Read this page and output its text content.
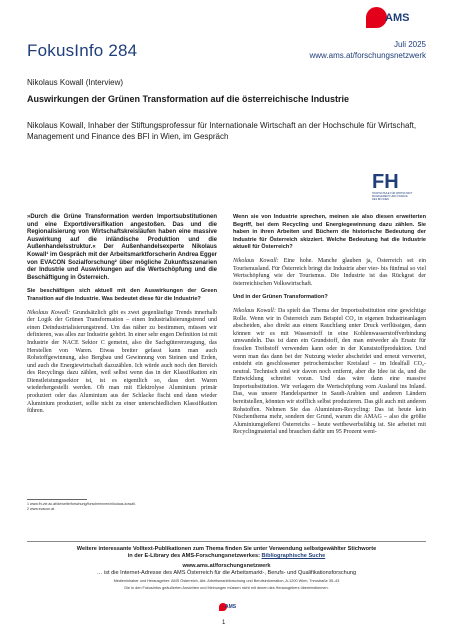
AMS
FokusInfo 284	Juli 2025
www.ams.at/forschungsnetzwerk
Nikolaus Kowall (Interview)
Auswirkungen der Grünen Transformation auf die österreichische Industrie
Nikolaus Kowall, Inhaber der Stiftungsprofessur für Internationale Wirtschaft an der Hochschule für Wirtschaft, Management und Finance des BFI in Wien, im Gespräch
FH
HOCHSCHULE FÜR WIRTSCHAFT
MANAGEMENT UND FINANCE
DES BFI WIEN

»Durch die Grüne Transformation werden Importsubstitutionen und eine Exportdiversifikation angestoßen. Das und die Regionalisierung von Wirtschaftskreisläufen haben eine massive Auswirkung auf die inländische Produktion und die Außenhandelsstruktur.« Der Außenhandelsexperte Nikolaus Kowall¹ im Gespräch mit der Arbeitsmarktforscherin Andrea Egger von EVACON Sozialforschung² über mögliche Zukunftsszenarien der Industrie und Auswirkungen auf die Wertschöpfung und die Beschäftigung in Österreich.

Sie beschäftigen sich aktuell mit den Auswirkungen der Green Transition auf die Industrie. Was bedeutet diese für die Industrie?

Nikolaus Kowall: Grundsätzlich gibt es zwei gegenläufige Trends innerhalb der Logik der Grünen Transformation – einen Industrialisierungstrend und einen Deindustrialisierungstrend. Um das näher zu bestimmen, müssen wir definieren, was alles zur Industrie gehört. In einer sehr engen Definition ist mit Industrie der NACE Sektor C gemeint, also die Sachgütererzeugung, das Herstellen von Waren. Etwas breiter gefasst kann man auch Rohstoffgewinnung, also Bergbau und Gewinnung von Steinen und Erden, und auch die Energiewirtschaft dazuzählen. Ich würde auch noch den Bereich des Recyclings dazu zählen, weil selbst wenn das in der Klassifikation ein Dienstleistungssektor ist, ist es eigentlich so, dass dort Waren wiederhergestellt werden. Ob man mit Elektrolyse Aluminium primär produziert oder das Aluminium aus der Schlacke fischt und dann wieder Aluminium produziert, sollte nicht zu einer unterschiedlichen Klassifikation führen.

Wenn sie von Industrie sprechen, meinen sie also diesen erweiterten Begriff, bei dem Recycling und Energiegewinnung dazu zählen. Sie haben in ihren Arbeiten und Büchern die historische Bedeutung der Industrie für Österreich skizziert. Welche Bedeutung hat die Industrie aktuell für Österreich?

Nikolaus Kowall: Eine hohe. Manche glauben ja, Österreich sei ein Tourismusland. Für Österreich bringt die Industrie aber vier- bis fünfmal so viel Wertschöpfung wie der Tourismus. Die Industrie ist das Rückgrat der österreichischen Volkswirtschaft.

Und in der Grünen Transformation?

Nikolaus Kowall: Da spielt das Thema der Importsubstitution eine gewichtige Rolle. Wenn wir in Österreich zum Beispiel CO₂ in eigenen Industrieanlagen abscheiden, also direkt aus einem Rauchfang unter Druck verflüssigen, dann können wir es mit Wasserstoff in eine Kohlenwasserstoffverbindung umwandeln. Das ist dann ein Grundstoff, den man entweder als Ersatz für fossilen Treibstoff verwenden kann oder in der Kunststoffproduktion. Und wenn man das dann bei der Nutzung wieder abscheidet und erneut verwertet, entsteht ein geschlossener petrochemischer Kreislauf – im Idealfall CO₂-neutral. Technisch sind wir davon noch entfernt, aber die Idee ist da, und die Entwicklung schreitet voran. Und das wäre dann eine massive Importsubstitution. Wir verlagern die Wertschöpfung vom Ausland ins Inland. Das, was unsere Handelspartner in Saudi-Arabien und anderen Ländern bereitstellen, könnten wir stofflich selbst produzieren. Das gilt auch mit anderen Rohstoffen. Nehmen Sie das Aluminium-Recycling: Das ist heute kein Nischenthema mehr, sondern der Grund, warum die AMAG – also die größte Aluminiumgießerei Österreichs – heute wettbewerbsfähig ist. Sie arbeitet mit Recyclingmaterial und brauchen dafür um 95 Prozent weni-

1 www.fh-vie.ac.at/de/seite/forschung/forscherinnen/nikolaus-kowall.
2 www.evacon.at.
Weitere interessante Volltext-Publikationen zum Thema finden Sie unter Verwendung selbstgewählter Stichworte
in der E-Library des AMS-Forschungsnetzwerkes: Bibliographische Suche
www.ams.at/forschungsnetzwerk
… ist die Internet-Adresse des AMS Österreich für die Arbeitsmarkt-, Berufs- und Qualifikationsforschung
Medieninhaber und Herausgeber: AMS Österreich, Abt. Arbeitsmarktforschung und Berufsinformation, A-1200 Wien, Treustraße 35–43
Die in den FokusInfos geäußerten Ansichten und Meinungen müssen nicht mit denen des Herausgebers übereinstimmen.
AMS
1
